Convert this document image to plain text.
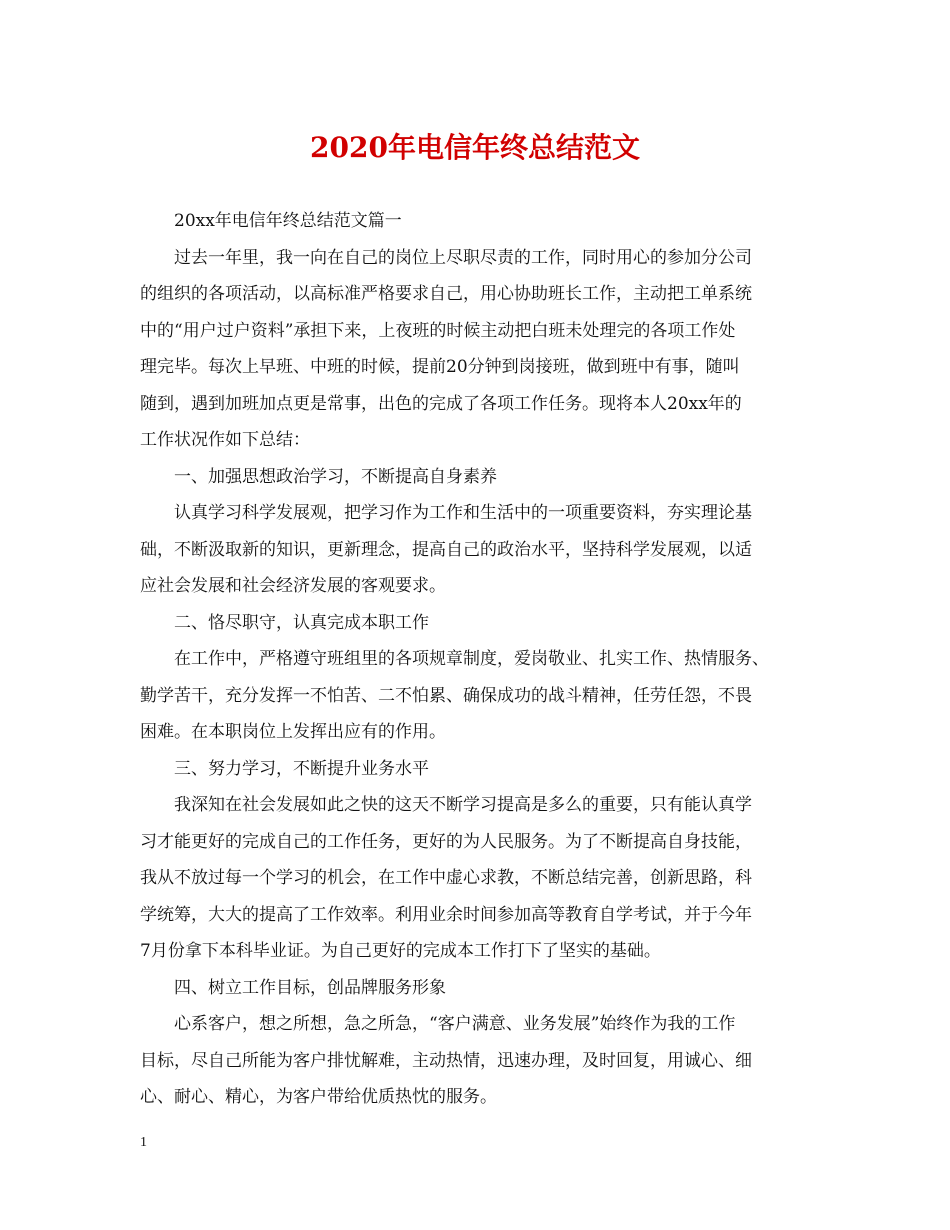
2020年电信年终总结范文

20xx年电信年终总结范文篇一

过去一年里，我一向在自己的岗位上尽职尽责的工作，同时用心的参加分公司

的组织的各项活动，以高标准严格要求自己，用心协助班长工作，主动把工单系统

中的“用户过户资料”承担下来，上夜班的时候主动把白班未处理完的各项工作处

理完毕。每次上早班、中班的时候，提前20分钟到岗接班，做到班中有事，随叫

随到，遇到加班加点更是常事，出色的完成了各项工作任务。现将本人20xx年的

工作状况作如下总结：

一、加强思想政治学习，不断提高自身素养

认真学习科学发展观，把学习作为工作和生活中的一项重要资料，夯实理论基

础，不断汲取新的知识，更新理念，提高自己的政治水平，坚持科学发展观，以适

应社会发展和社会经济发展的客观要求。

二、恪尽职守，认真完成本职工作

在工作中，严格遵守班组里的各项规章制度，爱岗敬业、扎实工作、热情服务、

勤学苦干，充分发挥一不怕苦、二不怕累、确保成功的战斗精神，任劳任怨，不畏

困难。在本职岗位上发挥出应有的作用。

三、努力学习，不断提升业务水平

我深知在社会发展如此之快的这天不断学习提高是多么的重要，只有能认真学

习才能更好的完成自己的工作任务，更好的为人民服务。为了不断提高自身技能，

我从不放过每一个学习的机会，在工作中虚心求教，不断总结完善，创新思路，科

学统筹，大大的提高了工作效率。利用业余时间参加高等教育自学考试，并于今年

7月份拿下本科毕业证。为自己更好的完成本工作打下了坚实的基础。

四、树立工作目标，创品牌服务形象

心系客户，想之所想，急之所急，“客户满意、业务发展”始终作为我的工作

目标，尽自己所能为客户排忧解难，主动热情，迅速办理，及时回复，用诚心、细

心、耐心、精心，为客户带给优质热忱的服务。

1
